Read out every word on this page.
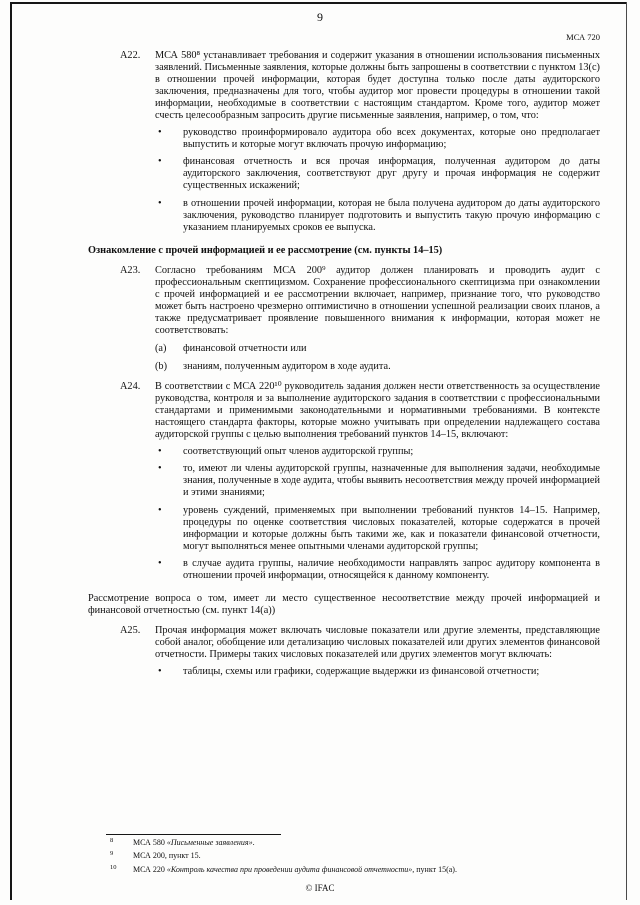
9
МСА 720
A22. МСА 580⁸ устанавливает требования и содержит указания в отношении использования письменных заявлений. Письменные заявления, которые должны быть запрошены в соответствии с пунктом 13(с) в отношении прочей информации, которая будет доступна только после даты аудиторского заключения, предназначены для того, чтобы аудитор мог провести процедуры в отношении такой информации, необходимые в соответствии с настоящим стандартом. Кроме того, аудитор может счесть целесообразным запросить другие письменные заявления, например, о том, что:
• руководство проинформировало аудитора обо всех документах, которые оно предполагает выпустить и которые могут включать прочую информацию;
• финансовая отчетность и вся прочая информация, полученная аудитором до даты аудиторского заключения, соответствуют друг другу и прочая информация не содержит существенных искажений;
• в отношении прочей информации, которая не была получена аудитором до даты аудиторского заключения, руководство планирует подготовить и выпустить такую прочую информацию с указанием планируемых сроков ее выпуска.
Ознакомление с прочей информацией и ее рассмотрение (см. пункты 14–15)
A23. Согласно требованиям МСА 200⁹ аудитор должен планировать и проводить аудит с профессиональным скептицизмом. Сохранение профессионального скептицизма при ознакомлении с прочей информацией и ее рассмотрении включает, например, признание того, что руководство может быть настроено чрезмерно оптимистично в отношении успешной реализации своих планов, а также предусматривает проявление повышенного внимания к информации, которая может не соответствовать:
(a) финансовой отчетности или
(b) знаниям, полученным аудитором в ходе аудита.
A24. В соответствии с МСА 220¹⁰ руководитель задания должен нести ответственность за осуществление руководства, контроля и за выполнение аудиторского задания в соответствии с профессиональными стандартами и применимыми законодательными и нормативными требованиями. В контексте настоящего стандарта факторы, которые можно учитывать при определении надлежащего состава аудиторской группы с целью выполнения требований пунктов 14–15, включают:
• соответствующий опыт членов аудиторской группы;
• то, имеют ли члены аудиторской группы, назначенные для выполнения задачи, необходимые знания, полученные в ходе аудита, чтобы выявить несоответствия между прочей информацией и этими знаниями;
• уровень суждений, применяемых при выполнении требований пунктов 14–15. Например, процедуры по оценке соответствия числовых показателей, которые содержатся в прочей информации и которые должны быть такими же, как и показатели финансовой отчетности, могут выполняться менее опытными членами аудиторской группы;
• в случае аудита группы, наличие необходимости направлять запрос аудитору компонента в отношении прочей информации, относящейся к данному компоненту.
Рассмотрение вопроса о том, имеет ли место существенное несоответствие между прочей информацией и финансовой отчетностью (см. пункт 14(а))
A25. Прочая информация может включать числовые показатели или другие элементы, представляющие собой аналог, обобщение или детализацию числовых показателей или других элементов финансовой отчетности. Примеры таких числовых показателей или других элементов могут включать:
• таблицы, схемы или графики, содержащие выдержки из финансовой отчетности;
8 МСА 580 «Письменные заявления».
9 МСА 200, пункт 15.
10 МСА 220 «Контроль качества при проведении аудита финансовой отчетности», пункт 15(а).
© IFAC
